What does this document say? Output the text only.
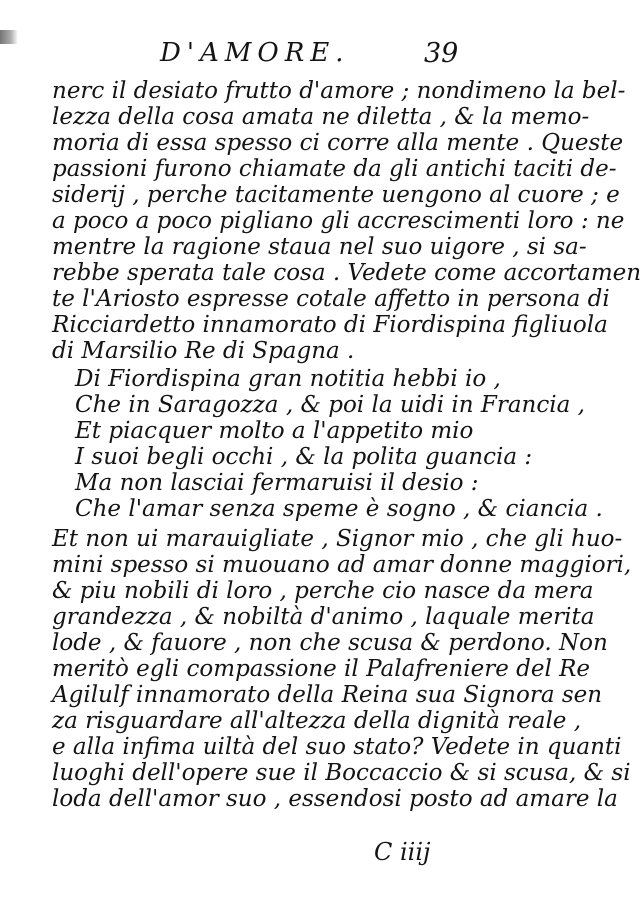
D'AMORE.	39
nerc il desiato frutto d'amore ; nondimeno la bel-
lezza della cosa amata ne diletta , & la memo-
moria di essa spesso ci corre alla mente . Queste
passioni furono chiamate da gli antichi taciti de-
siderij , perche tacitamente uengono al cuore ; e
a poco a poco pigliano gli accrescimenti loro : ne
mentre la ragione staua nel suo uigore , si sa-
rebbe sperata tale cosa . Vedete come accortamen
te l'Ariosto espresse cotale affetto in persona di
Ricciardetto innamorato di Fiordispina figliuola
di Marsilio Re di Spagna .
Di Fiordispina gran notitia hebbi io ,
Che in Saragozza , & poi la uidi in Francia ,
Et piacquer molto a l'appetito mio
I suoi begli occhi , & la polita guancia :
Ma non lasciai fermaruisi il desio :
Che l'amar senza speme è sogno , & ciancia .
Et non ui marauigliate , Signor mio , che gli huo-
mini spesso si muouano ad amar donne maggiori,
& piu nobili di loro , perche cio nasce da mera
grandezza , & nobiltà d'animo , laquale merita
lode , & fauore , non che scusa & perdono. Non
meritò egli compassione il Palafreniere del Re
Agilulf innamorato della Reina sua Signora sen
za risguardare all'altezza della dignità reale ,
e alla infima uiltà del suo stato? Vedete in quanti
luoghi dell'opere sue il Boccaccio & si scusa, & si
loda dell'amor suo , essendosi posto ad amare la
C iiij
